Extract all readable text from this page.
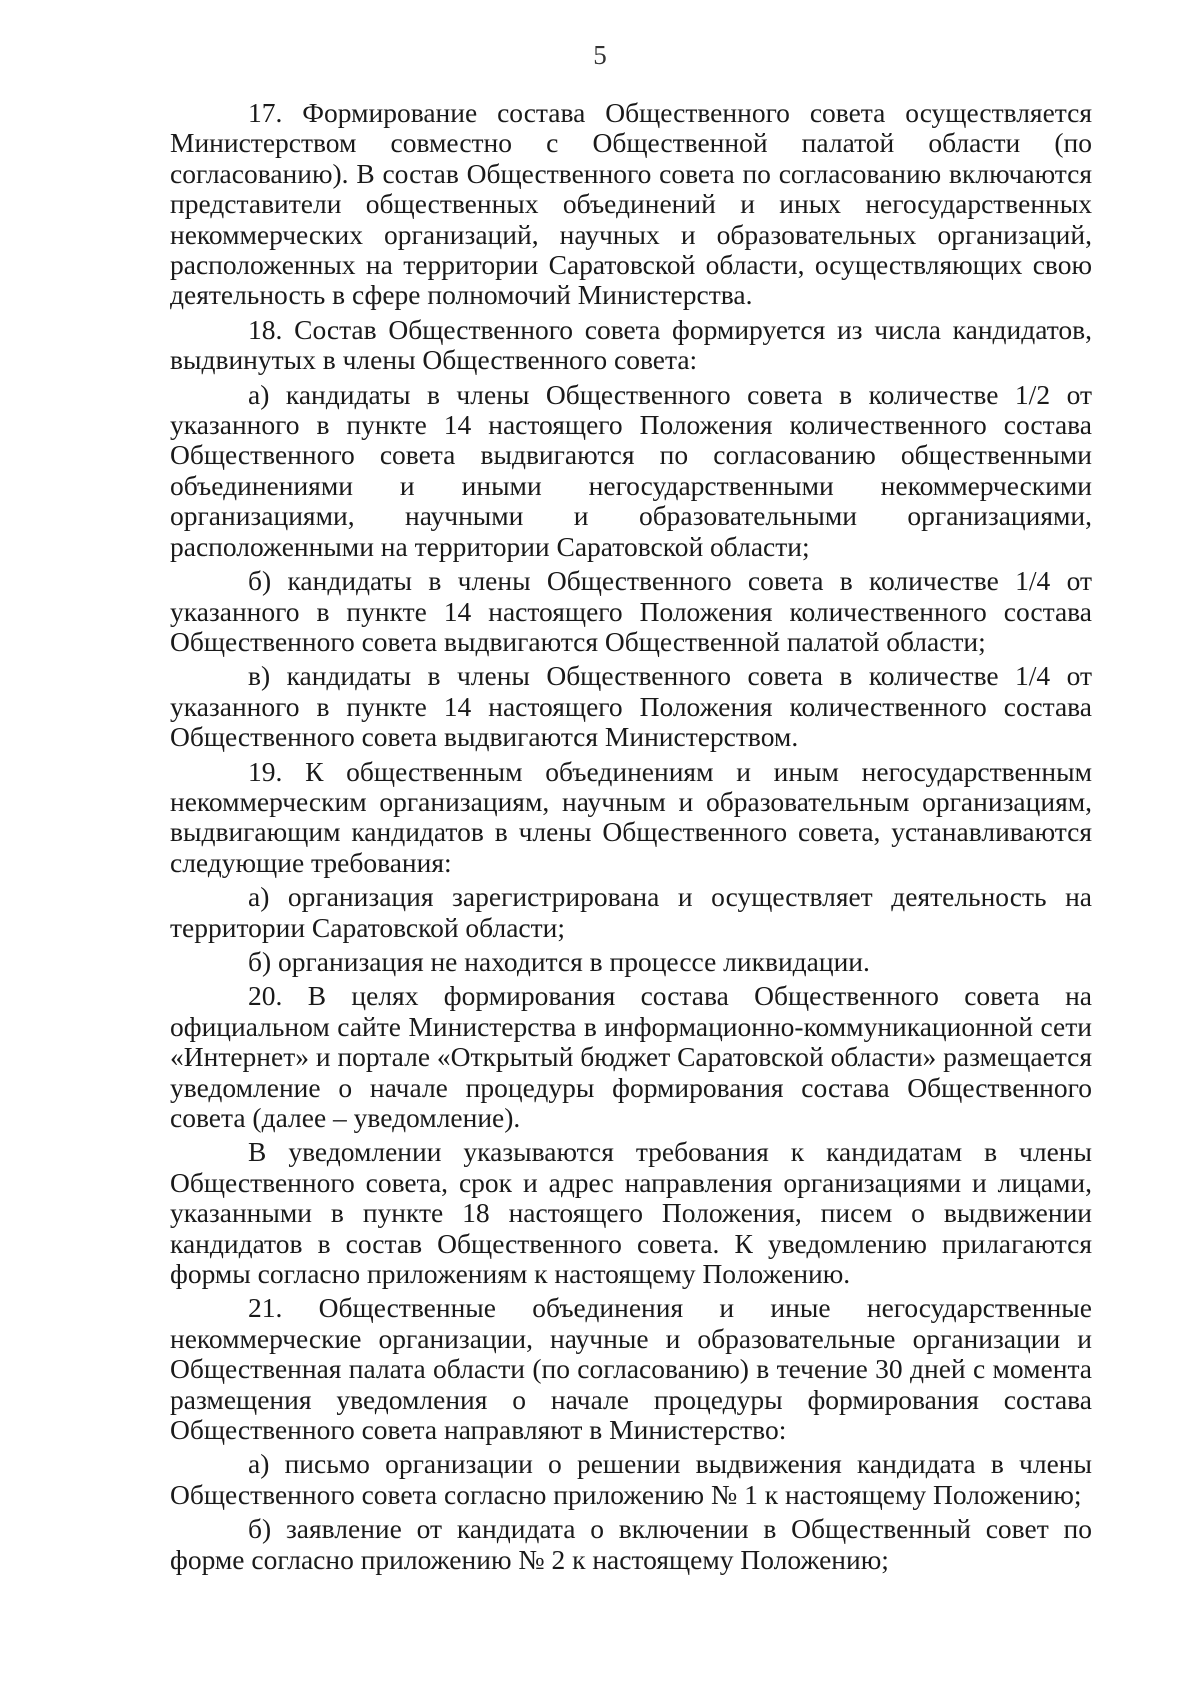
5

17. Формирование состава Общественного совета осуществляется Министерством совместно с Общественной палатой области (по согласованию). В состав Общественного совета по согласованию включаются представители общественных объединений и иных негосударственных некоммерческих организаций, научных и образовательных организаций, расположенных на территории Саратовской области, осуществляющих свою деятельность в сфере полномочий Министерства.

18. Состав Общественного совета формируется из числа кандидатов, выдвинутых в члены Общественного совета:

а) кандидаты в члены Общественного совета в количестве 1/2 от указанного в пункте 14 настоящего Положения количественного состава Общественного совета выдвигаются по согласованию общественными объединениями и иными негосударственными некоммерческими организациями, научными и образовательными организациями, расположенными на территории Саратовской области;

б) кандидаты в члены Общественного совета в количестве 1/4 от указанного в пункте 14 настоящего Положения количественного состава Общественного совета выдвигаются Общественной палатой области;

в) кандидаты в члены Общественного совета в количестве 1/4 от указанного в пункте 14 настоящего Положения количественного состава Общественного совета выдвигаются Министерством.

19. К общественным объединениям и иным негосударственным некоммерческим организациям, научным и образовательным организациям, выдвигающим кандидатов в члены Общественного совета, устанавливаются следующие требования:

а) организация зарегистрирована и осуществляет деятельность на территории Саратовской области;

б) организация не находится в процессе ликвидации.

20. В целях формирования состава Общественного совета на официальном сайте Министерства в информационно-коммуникационной сети «Интернет» и портале «Открытый бюджет Саратовской области» размещается уведомление о начале процедуры формирования состава Общественного совета (далее – уведомление).

В уведомлении указываются требования к кандидатам в члены Общественного совета, срок и адрес направления организациями и лицами, указанными в пункте 18 настоящего Положения, писем о выдвижении кандидатов в состав Общественного совета. К уведомлению прилагаются формы согласно приложениям к настоящему Положению.

21. Общественные объединения и иные негосударственные некоммерческие организации, научные и образовательные организации и Общественная палата области (по согласованию) в течение 30 дней с момента размещения уведомления о начале процедуры формирования состава Общественного совета направляют в Министерство:

а) письмо организации о решении выдвижения кандидата в члены Общественного совета согласно приложению № 1 к настоящему Положению;

б) заявление от кандидата о включении в Общественный совет по форме согласно приложению № 2 к настоящему Положению;
